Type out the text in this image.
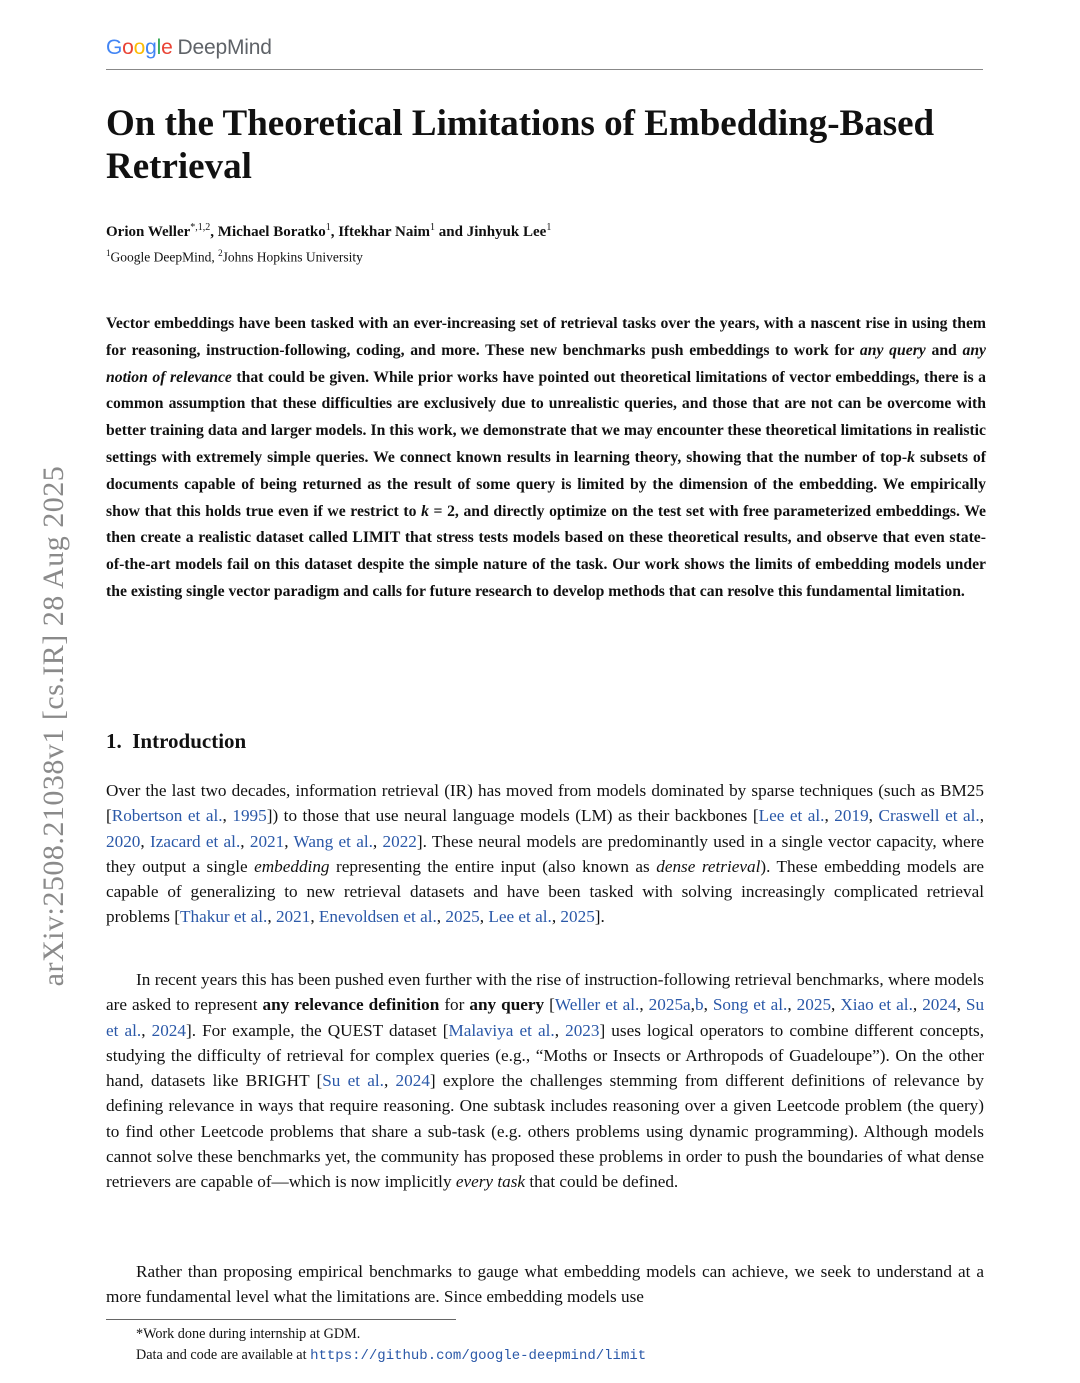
Google DeepMind
On the Theoretical Limitations of Embedding-Based Retrieval
Orion Weller$^{*,1,2}$, Michael Boratko$^1$, Iftekhar Naim$^1$ and Jinhyuk Lee$^1$
$^1$Google DeepMind, $^2$Johns Hopkins University
arXiv:2508.21038v1 [cs.IR] 28 Aug 2025

Vector embeddings have been tasked with an ever-increasing set of retrieval tasks over the years, with a nascent rise in using them for reasoning, instruction-following, coding, and more. These new benchmarks push embeddings to work for any query and any notion of relevance that could be given. While prior works have pointed out theoretical limitations of vector embeddings, there is a common assumption that these difficulties are exclusively due to unrealistic queries, and those that are not can be overcome with better training data and larger models. In this work, we demonstrate that we may encounter these theoretical limitations in realistic settings with extremely simple queries. We connect known results in learning theory, showing that the number of top-k subsets of documents capable of being returned as the result of some query is limited by the dimension of the embedding. We empirically show that this holds true even if we restrict to k = 2, and directly optimize on the test set with free parameterized embeddings. We then create a realistic dataset called LIMIT that stress tests models based on these theoretical results, and observe that even state-of-the-art models fail on this dataset despite the simple nature of the task. Our work shows the limits of embedding models under the existing single vector paradigm and calls for future research to develop methods that can resolve this fundamental limitation.

1. Introduction

Over the last two decades, information retrieval (IR) has moved from models dominated by sparse techniques (such as BM25 [Robertson et al., 1995]) to those that use neural language models (LM) as their backbones [Lee et al., 2019, Craswell et al., 2020, Izacard et al., 2021, Wang et al., 2022]. These neural models are predominantly used in a single vector capacity, where they output a single embedding representing the entire input (also known as dense retrieval). These embedding models are capable of generalizing to new retrieval datasets and have been tasked with solving increasingly complicated retrieval problems [Thakur et al., 2021, Enevoldsen et al., 2025, Lee et al., 2025].

In recent years this has been pushed even further with the rise of instruction-following retrieval benchmarks, where models are asked to represent any relevance definition for any query [Weller et al., 2025a,b, Song et al., 2025, Xiao et al., 2024, Su et al., 2024]. For example, the QUEST dataset [Malaviya et al., 2023] uses logical operators to combine different concepts, studying the difficulty of retrieval for complex queries (e.g., “Moths or Insects or Arthropods of Guadeloupe”). On the other hand, datasets like BRIGHT [Su et al., 2024] explore the challenges stemming from different definitions of relevance by defining relevance in ways that require reasoning. One subtask includes reasoning over a given Leetcode problem (the query) to find other Leetcode problems that share a sub-task (e.g. others problems using dynamic programming). Although models cannot solve these benchmarks yet, the community has proposed these problems in order to push the boundaries of what dense retrievers are capable of—which is now implicitly every task that could be defined.

Rather than proposing empirical benchmarks to gauge what embedding models can achieve, we seek to understand at a more fundamental level what the limitations are. Since embedding models use

*Work done during internship at GDM.
Data and code are available at https://github.com/google-deepmind/limit
